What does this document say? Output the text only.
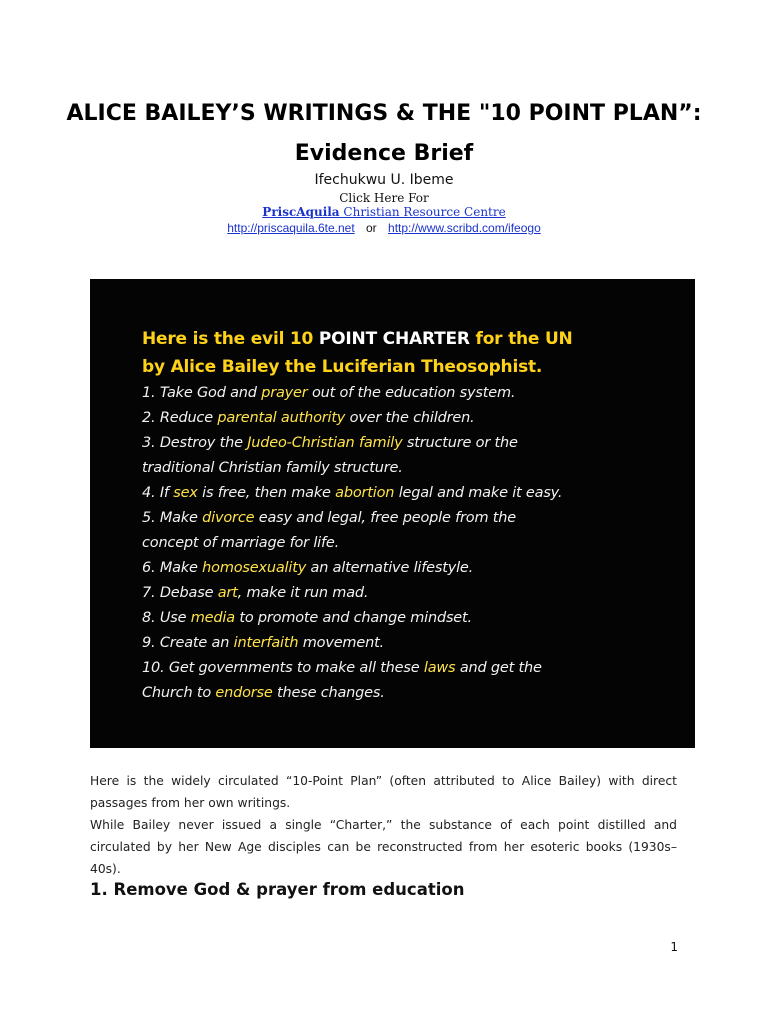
ALICE BAILEY’S WRITINGS & THE "10 POINT PLAN”:
Evidence Brief
Ifechukwu U. Ibeme
Click Here For
PriscAquila Christian Resource Centre
http://priscaquila.6te.net or http://www.scribd.com/ifeogo
Here is the evil 10 POINT CHARTER for the UN
by Alice Bailey the Luciferian Theosophist.
1. Take God and prayer out of the education system.
2. Reduce parental authority over the children.
3. Destroy the Judeo-Christian family structure or the
traditional Christian family structure.
4. If sex is free, then make abortion legal and make it easy.
5. Make divorce easy and legal, free people from the
concept of marriage for life.
6. Make homosexuality an alternative lifestyle.
7. Debase art, make it run mad.
8. Use media to promote and change mindset.
9. Create an interfaith movement.
10. Get governments to make all these laws and get the
Church to endorse these changes.
Here is the widely circulated “10-Point Plan” (often attributed to Alice Bailey) with direct passages from her own writings.
While Bailey never issued a single “Charter,” the substance of each point distilled and circulated by her New Age disciples can be reconstructed from her esoteric books (1930s–40s).
1. Remove God & prayer from education
1
